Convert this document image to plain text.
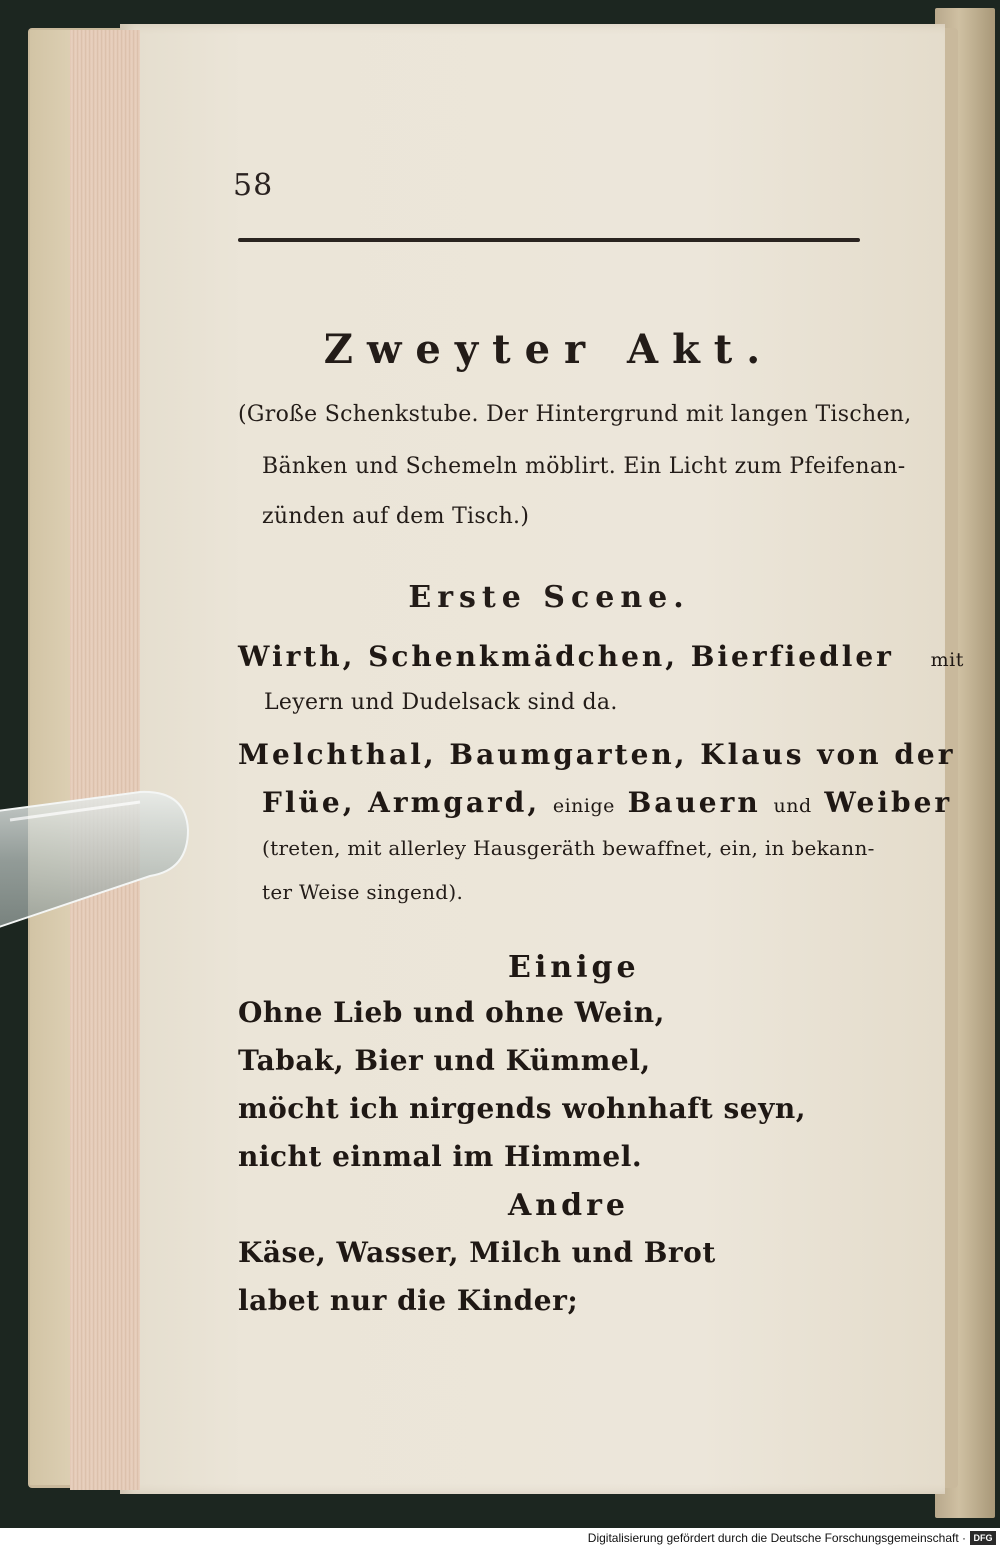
58
Zweyter Akt.
(Große Schenkstube. Der Hintergrund mit langen Tischen,
Bänken und Schemeln möblirt. Ein Licht zum Pfeifenan-
zünden auf dem Tisch.)
Erste Scene.
Wirth, Schenkmädchen, Bierfiedler mit
Leyern und Dudelsack sind da.
Melchthal, Baumgarten, Klaus von der
Flüe, Armgard, einige Bauern und Weiber
(treten, mit allerley Hausgeräth bewaffnet, ein, in bekann-
ter Weise singend).
Einige
Ohne Lieb und ohne Wein,
Tabak, Bier und Kümmel,
möcht ich nirgends wohnhaft seyn,
nicht einmal im Himmel.
Andre
Käse, Wasser, Milch und Brot
labet nur die Kinder;
Digitalisierung gefördert durch die Deutsche Forschungsgemeinschaft · DFG
